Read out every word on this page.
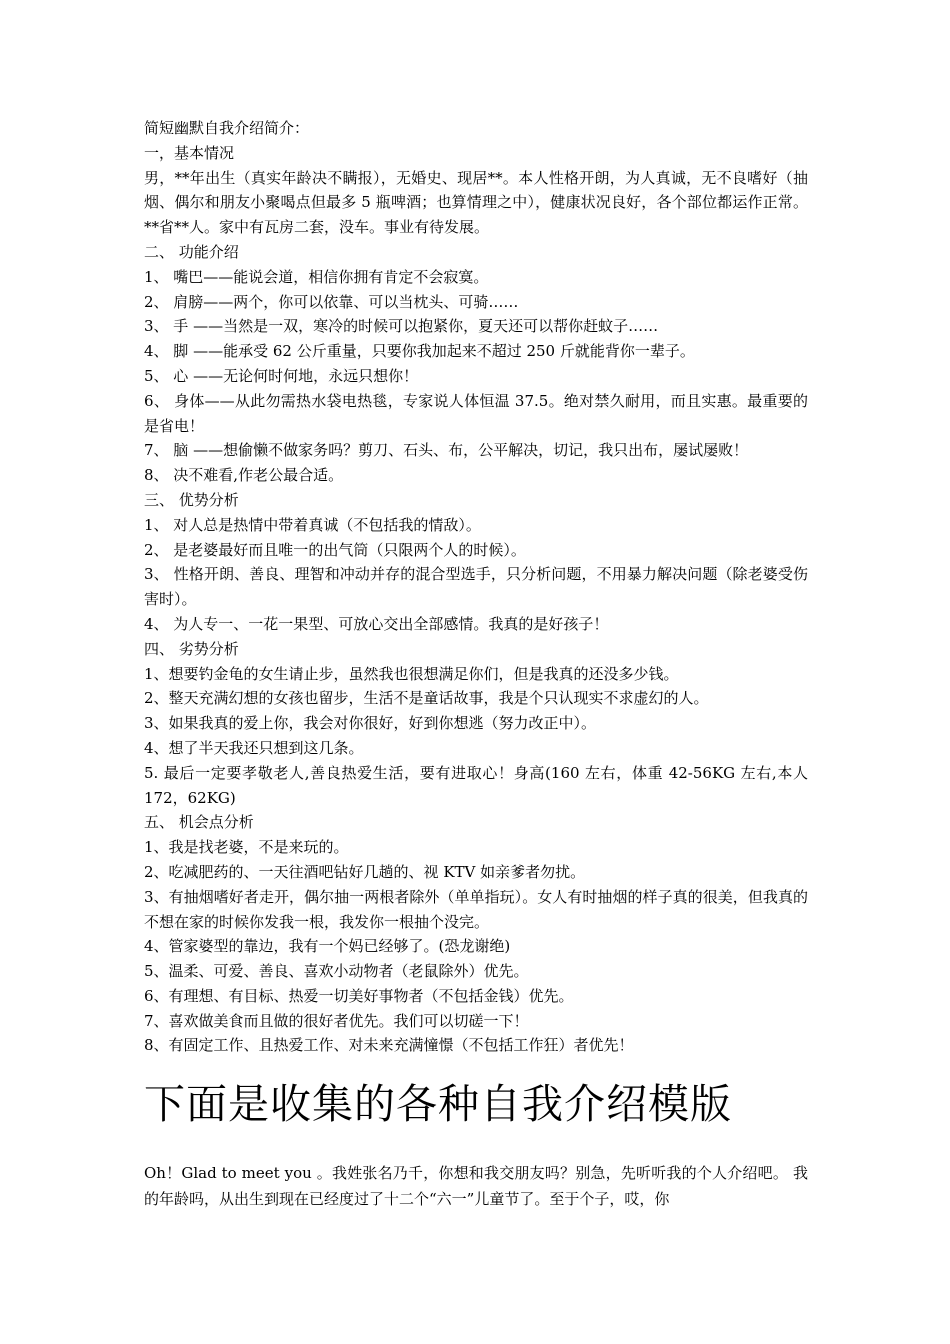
简短幽默自我介绍简介：

一，基本情况

男，**年出生（真实年龄决不瞒报），无婚史、现居**。本人性格开朗，为人真诚，无不良嗜好（抽烟、偶尔和朋友小聚喝点但最多 5 瓶啤酒；也算情理之中），健康状况良好，各个部位都运作正常。**省**人。家中有瓦房二套，没车。事业有待发展。

二、 功能介绍

1、 嘴巴——能说会道，相信你拥有肯定不会寂寞。

2、 肩膀——两个，你可以依靠、可以当枕头、可骑……

3、 手 ——当然是一双，寒冷的时候可以抱紧你，夏天还可以帮你赶蚊子……

4、 脚 ——能承受 62 公斤重量，只要你我加起来不超过 250 斤就能背你一辈子。

5、 心 ——无论何时何地，永远只想你！

6、 身体——从此勿需热水袋电热毯，专家说人体恒温 37.5。绝对禁久耐用，而且实惠。最重要的是省电！

7、 脑 ——想偷懒不做家务吗？剪刀、石头、布，公平解决，切记，我只出布，屡试屡败！

8、 决不难看,作老公最合适。

三、 优势分析

1、 对人总是热情中带着真诚（不包括我的情敌）。

2、 是老婆最好而且唯一的出气筒（只限两个人的时候）。

3、 性格开朗、善良、理智和冲动并存的混合型选手，只分析问题，不用暴力解决问题（除老婆受伤害时）。

4、 为人专一、一花一果型、可放心交出全部感情。我真的是好孩子！

四、 劣势分析

1、想要钓金龟的女生请止步，虽然我也很想满足你们，但是我真的还没多少钱。

2、整天充满幻想的女孩也留步，生活不是童话故事，我是个只认现实不求虚幻的人。

3、如果我真的爱上你，我会对你很好，好到你想逃（努力改正中）。

4、想了半天我还只想到这几条。

5. 最后一定要孝敬老人,善良热爱生活，要有进取心！身高(160 左右，体重 42-56KG 左右,本人 172，62KG)

五、 机会点分析

1、我是找老婆，不是来玩的。

2、吃减肥药的、一天往酒吧钻好几趟的、视 KTV 如亲爹者勿扰。

3、有抽烟嗜好者走开，偶尔抽一两根者除外（单单指玩）。女人有时抽烟的样子真的很美，但我真的不想在家的时候你发我一根，我发你一根抽个没完。

4、管家婆型的靠边，我有一个妈已经够了。(恐龙谢绝)

5、温柔、可爱、善良、喜欢小动物者（老鼠除外）优先。

6、有理想、有目标、热爱一切美好事物者（不包括金钱）优先。

7、喜欢做美食而且做的很好者优先。我们可以切磋一下！

8、有固定工作、且热爱工作、对未来充满憧憬（不包括工作狂）者优先！

下面是收集的各种自我介绍模版

Oh！Glad to meet you 。我姓张名乃千，你想和我交朋友吗？别急，先听听我的个人介绍吧。 我的年龄吗，从出生到现在已经度过了十二个“六一”儿童节了。至于个子，哎，你
